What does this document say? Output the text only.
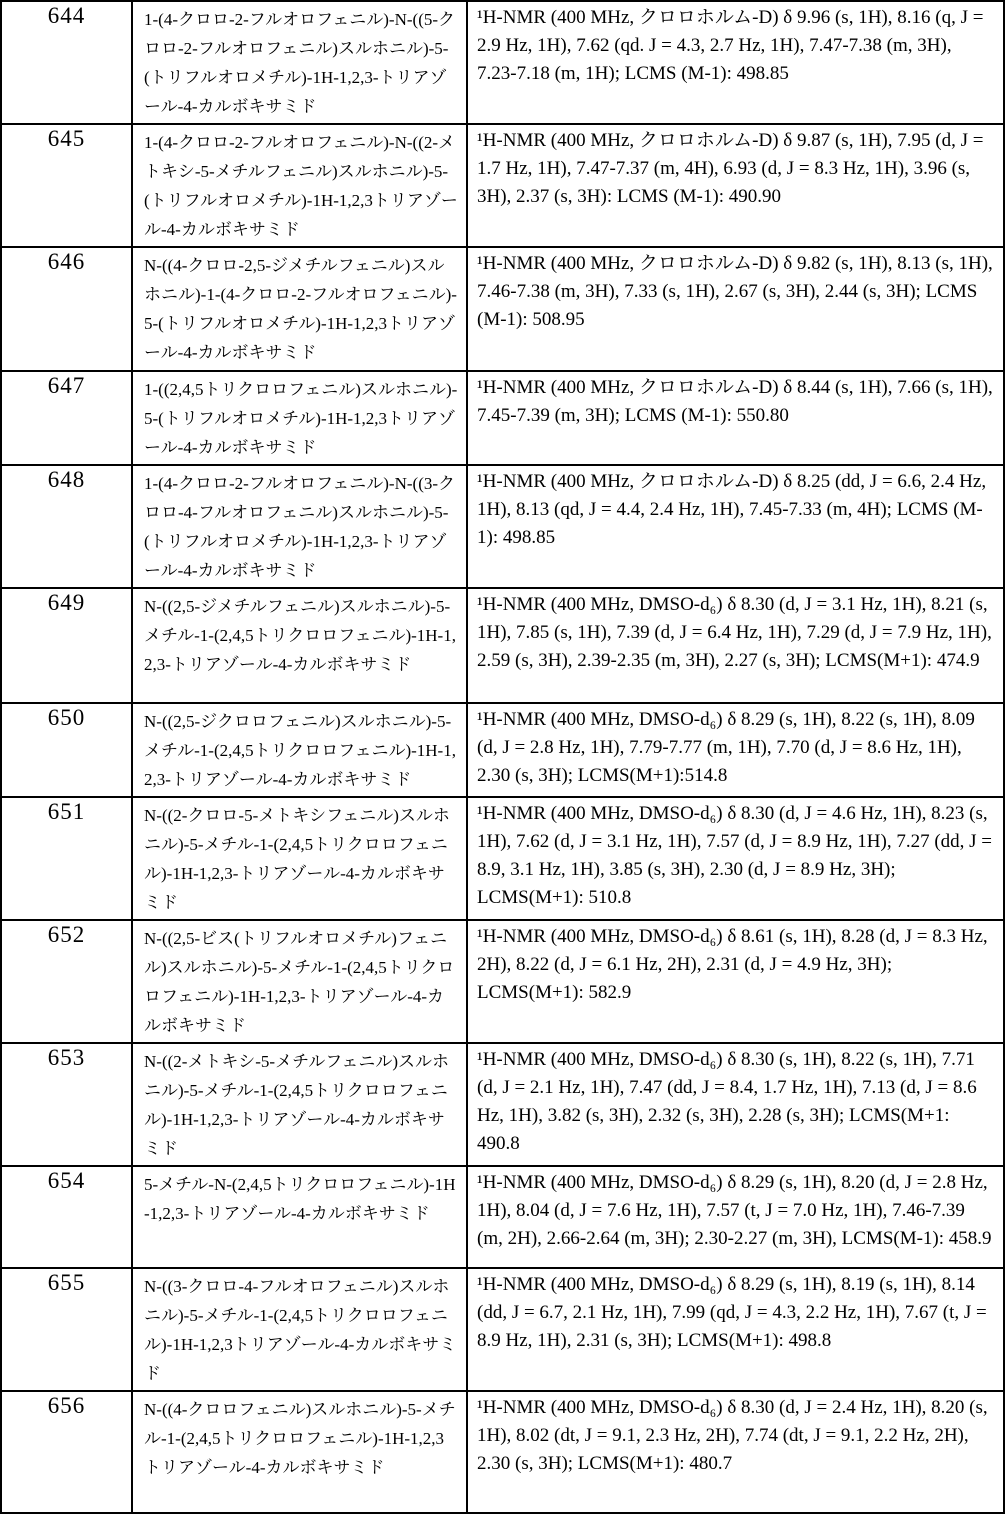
644	1-(4-クロロ-2-フルオロフェニル)-N-((5-クロロ-2-フルオロフェニル)スルホニル)-5-(トリフルオロメチル)-1H-1,2,3-トリアゾール-4-カルボキサミド	¹H-NMR (400 MHz, クロロホルム-D) δ 9.96 (s, 1H), 8.16 (q, J = 2.9 Hz, 1H), 7.62 (qd. J = 4.3, 2.7 Hz, 1H), 7.47-7.38 (m, 3H), 7.23-7.18 (m, 1H); LCMS (M-1): 498.85
645	1-(4-クロロ-2-フルオロフェニル)-N-((2-メトキシ-5-メチルフェニル)スルホニル)-5-(トリフルオロメチル)-1H-1,2,3トリアゾール-4-カルボキサミド	¹H-NMR (400 MHz, クロロホルム-D) δ 9.87 (s, 1H), 7.95 (d, J = 1.7 Hz, 1H), 7.47-7.37 (m, 4H), 6.93 (d, J = 8.3 Hz, 1H), 3.96 (s, 3H), 2.37 (s, 3H): LCMS (M-1): 490.90
646	N-((4-クロロ-2,5-ジメチルフェニル)スルホニル)-1-(4-クロロ-2-フルオロフェニル)-5-(トリフルオロメチル)-1H-1,2,3トリアゾール-4-カルボキサミド	¹H-NMR (400 MHz, クロロホルム-D) δ 9.82 (s, 1H), 8.13 (s, 1H), 7.46-7.38 (m, 3H), 7.33 (s, 1H), 2.67 (s, 3H), 2.44 (s, 3H); LCMS (M-1): 508.95
647	1-((2,4,5トリクロロフェニル)スルホニル)-5-(トリフルオロメチル)-1H-1,2,3トリアゾール-4-カルボキサミド	¹H-NMR (400 MHz, クロロホルム-D) δ 8.44 (s, 1H), 7.66 (s, 1H), 7.45-7.39 (m, 3H); LCMS (M-1): 550.80
648	1-(4-クロロ-2-フルオロフェニル)-N-((3-クロロ-4-フルオロフェニル)スルホニル)-5-(トリフルオロメチル)-1H-1,2,3-トリアゾール-4-カルボキサミド	¹H-NMR (400 MHz, クロロホルム-D) δ 8.25 (dd, J = 6.6, 2.4 Hz, 1H), 8.13 (qd, J = 4.4, 2.4 Hz, 1H), 7.45-7.33 (m, 4H); LCMS (M-1): 498.85
649	N-((2,5-ジメチルフェニル)スルホニル)-5-メチル-1-(2,4,5トリクロロフェニル)-1H-1,2,3-トリアゾール-4-カルボキサミド	¹H-NMR (400 MHz, DMSO-d₆) δ 8.30 (d, J = 3.1 Hz, 1H), 8.21 (s, 1H), 7.85 (s, 1H), 7.39 (d, J = 6.4 Hz, 1H), 7.29 (d, J = 7.9 Hz, 1H), 2.59 (s, 3H), 2.39-2.35 (m, 3H), 2.27 (s, 3H); LCMS(M+1): 474.9
650	N-((2,5-ジクロロフェニル)スルホニル)-5-メチル-1-(2,4,5トリクロロフェニル)-1H-1,2,3-トリアゾール-4-カルボキサミド	¹H-NMR (400 MHz, DMSO-d₆) δ 8.29 (s, 1H), 8.22 (s, 1H), 8.09 (d, J = 2.8 Hz, 1H), 7.79-7.77 (m, 1H), 7.70 (d, J = 8.6 Hz, 1H), 2.30 (s, 3H); LCMS(M+1):514.8
651	N-((2-クロロ-5-メトキシフェニル)スルホニル)-5-メチル-1-(2,4,5トリクロロフェニル)-1H-1,2,3-トリアゾール-4-カルボキサミド	¹H-NMR (400 MHz, DMSO-d₆) δ 8.30 (d, J = 4.6 Hz, 1H), 8.23 (s, 1H), 7.62 (d, J = 3.1 Hz, 1H), 7.57 (d, J = 8.9 Hz, 1H), 7.27 (dd, J = 8.9, 3.1 Hz, 1H), 3.85 (s, 3H), 2.30 (d, J = 8.9 Hz, 3H); LCMS(M+1): 510.8
652	N-((2,5-ビス(トリフルオロメチル)フェニル)スルホニル)-5-メチル-1-(2,4,5トリクロロフェニル)-1H-1,2,3-トリアゾール-4-カルボキサミド	¹H-NMR (400 MHz, DMSO-d₆) δ 8.61 (s, 1H), 8.28 (d, J = 8.3 Hz, 2H), 8.22 (d, J = 6.1 Hz, 2H), 2.31 (d, J = 4.9 Hz, 3H); LCMS(M+1): 582.9
653	N-((2-メトキシ-5-メチルフェニル)スルホニル)-5-メチル-1-(2,4,5トリクロロフェニル)-1H-1,2,3-トリアゾール-4-カルボキサミド	¹H-NMR (400 MHz, DMSO-d₆) δ 8.30 (s, 1H), 8.22 (s, 1H), 7.71 (d, J = 2.1 Hz, 1H), 7.47 (dd, J = 8.4, 1.7 Hz, 1H), 7.13 (d, J = 8.6 Hz, 1H), 3.82 (s, 3H), 2.32 (s, 3H), 2.28 (s, 3H); LCMS(M+1: 490.8
654	5-メチル-N-(2,4,5トリクロロフェニル)-1H-1,2,3-トリアゾール-4-カルボキサミド	¹H-NMR (400 MHz, DMSO-d₆) δ 8.29 (s, 1H), 8.20 (d, J = 2.8 Hz, 1H), 8.04 (d, J = 7.6 Hz, 1H), 7.57 (t, J = 7.0 Hz, 1H), 7.46-7.39 (m, 2H), 2.66-2.64 (m, 3H); 2.30-2.27 (m, 3H), LCMS(M-1): 458.9
655	N-((3-クロロ-4-フルオロフェニル)スルホニル)-5-メチル-1-(2,4,5トリクロロフェニル)-1H-1,2,3トリアゾール-4-カルボキサミド	¹H-NMR (400 MHz, DMSO-d₆) δ 8.29 (s, 1H), 8.19 (s, 1H), 8.14 (dd, J = 6.7, 2.1 Hz, 1H), 7.99 (qd, J = 4.3, 2.2 Hz, 1H), 7.67 (t, J = 8.9 Hz, 1H), 2.31 (s, 3H); LCMS(M+1): 498.8
656	N-((4-クロロフェニル)スルホニル)-5-メチル-1-(2,4,5トリクロロフェニル)-1H-1,2,3トリアゾール-4-カルボキサミド	¹H-NMR (400 MHz, DMSO-d₆) δ 8.30 (d, J = 2.4 Hz, 1H), 8.20 (s, 1H), 8.02 (dt, J = 9.1, 2.3 Hz, 2H), 7.74 (dt, J = 9.1, 2.2 Hz, 2H), 2.30 (s, 3H); LCMS(M+1): 480.7
